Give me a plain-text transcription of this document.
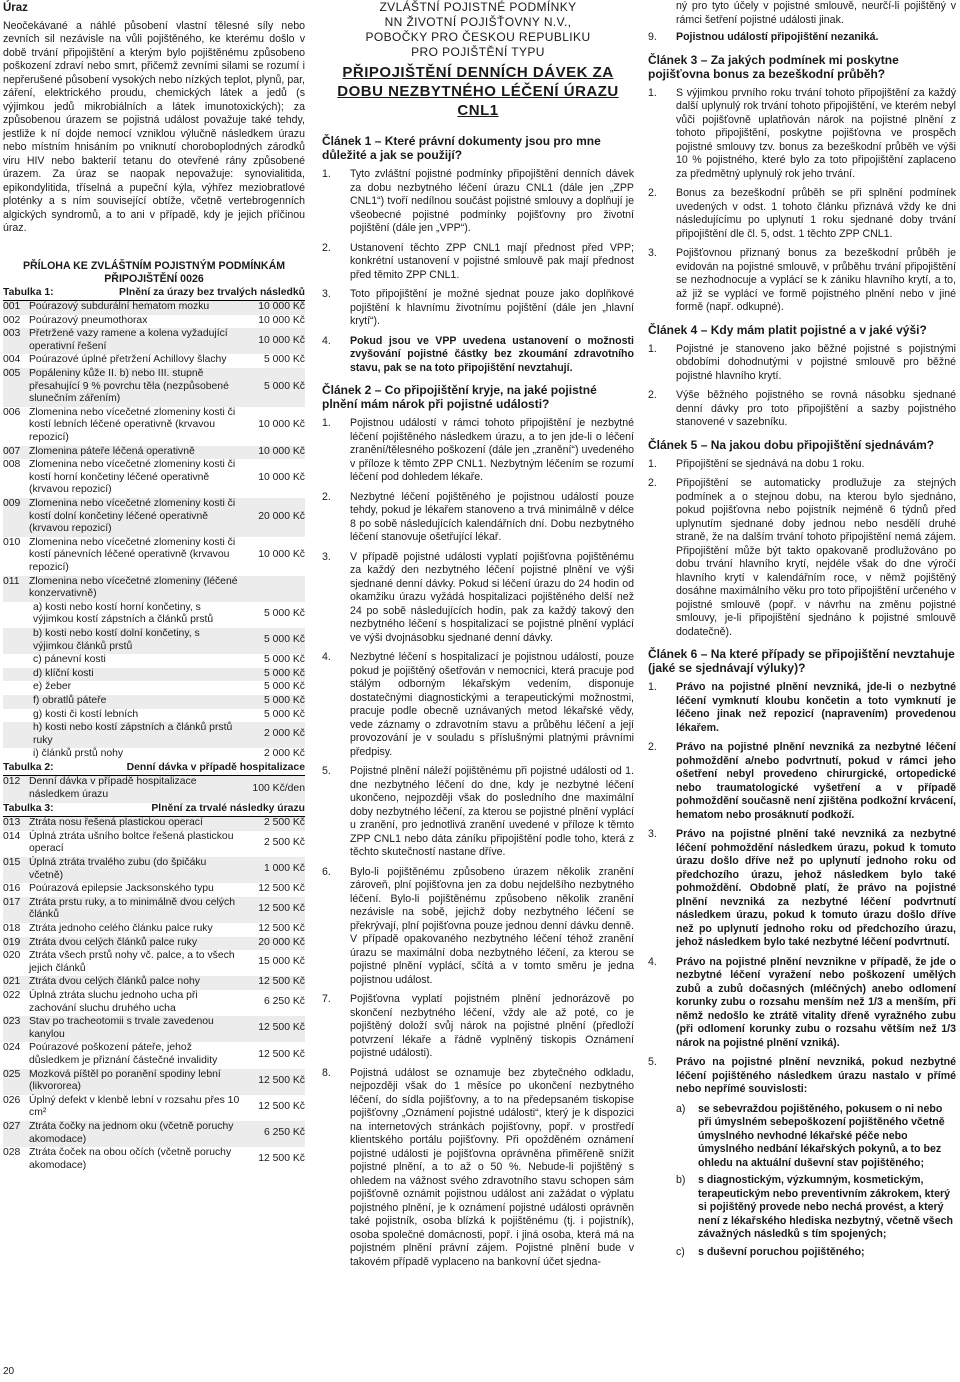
Úraz

Neočekávané a náhlé působení vlastní tělesné síly nebo zevních sil nezávisle na vůli pojištěného, ke kterému došlo v době trvání připojištění a kterým bylo pojištěnému způsobeno poškození zdraví nebo smrt, přičemž zevními silami se rozumí i nepřerušené působení vysokých nebo nízkých teplot, plynů, par, záření, elektrického proudu, chemických látek a jedů (s výjimkou jedů mikrobiálních a látek imunotoxických); za způsobenou úrazem se pojistná událost považuje také tehdy, jestliže k ní dojde nemocí vzniklou výlučně následkem úrazu nebo místním hnisáním po vniknutí choroboplodných zárodků viru HIV nebo bakterií tetanu do otevřené rány způsobené úrazem. Za úraz se naopak nepovažuje: synovialitida, epikondylitida, tříselná a pupeční kýla, výhřez meziobratlové ploténky a s ním související obtíže, včetně vertebrogenních algických syndromů, a to ani v případě, kdy je jejich příčinou úraz.

PŘÍLOHA KE ZVLÁŠTNÍM POJISTNÝM PODMÍNKÁM
PŘIPOJIŠTĚNÍ 0026
Tabulka 1: Plnění za úrazy bez trvalých následků		

001	Poúrazový subdurální hematom mozku	10 000 Kč
002	Poúrazový pneumothorax	10 000 Kč
003	Přetržené vazy ramene a kolena vyžadující operativní řešení	10 000 Kč
004	Poúrazové úplné přetržení Achillovy šlachy	5 000 Kč
005	Popáleniny kůže II. b) nebo III. stupně přesahující 9 % povrchu těla (nezpůsobené slunečním zářením)	5 000 Kč
006	Zlomenina nebo vícečetné zlomeniny kosti či kostí lebních léčené operativně (krvavou repozicí)	10 000 Kč
007	Zlomenina páteře léčená operativně	10 000 Kč
008	Zlomenina nebo vícečetné zlomeniny kosti či kostí horní končetiny léčené operativně (krvavou repozicí)	10 000 Kč
009	Zlomenina nebo vícečetné zlomeniny kosti či kostí dolní končetiny léčené operativně (krvavou repozicí)	20 000 Kč
010	Zlomenina nebo vícečetné zlomeniny kosti či kostí pánevních léčené operativně (krvavou repozicí)	10 000 Kč
011	Zlomenina nebo vícečetné zlomeniny (léčené konzervativně)	
	a) kosti nebo kostí horní končetiny, s výjimkou kostí zápstních a článků prstů	5 000 Kč
	b) kosti nebo kostí dolní končetiny, s výjimkou článků prstů	5 000 Kč
	c) pánevní kosti	5 000 Kč
	d) klíční kosti	5 000 Kč
	e) žeber	5 000 Kč
	f) obratlů páteře	5 000 Kč
	g) kosti či kostí lebních	5 000 Kč
	h) kosti nebo kostí zápstních a článků prstů ruky	2 000 Kč
	i) článků prstů nohy	2 000 Kč
Tabulka 2:	Denní dávka v případě hospitalizace

012	Denní dávka v případě hospitalizace následkem úrazu	100 Kč/den
Tabulka 3: Plnění za trvalé následky úrazu		

013	Ztráta nosu řešená plastickou operací	2 500 Kč
014	Úplná ztráta ušního boltce řešená plastickou operací	2 500 Kč
015	Úplná ztráta trvalého zubu (do špičáku včetně)	1 000 Kč
016	Poúrazová epilepsie Jacksonského typu	12 500 Kč
017	Ztráta prstu ruky, a to minimálně dvou celých článků	12 500 Kč
018	Ztráta jednoho celého článku palce ruky	12 500 Kč
019	Ztráta dvou celých článků palce ruky	20 000 Kč
020	Ztráta všech prstů nohy vč. palce, a to všech jejich článků	15 000 Kč
021	Ztráta dvou celých článků palce nohy	12 500 Kč
022	Úplná ztráta sluchu jednoho ucha při zachování sluchu druhého ucha	6 250 Kč
023	Stav po tracheotomii s trvale zavedenou kanylou	12 500 Kč
024	Poúrazové poškození páteře, jehož důsledkem je přiznání částečné invalidity	12 500 Kč
025	Mozková píštěl po poranění spodiny lební (likvororea)	12 500 Kč
026	Úplný defekt v klenbě lební v rozsahu přes 10 cm²	12 500 Kč
027	Ztráta čočky na jednom oku (včetně poruchy akomodace)	6 250 Kč
028	Ztráta čoček na obou očích (včetně poruchy akomodace)	12 500 Kč
ZVLÁŠTNÍ POJISTNÉ PODMÍNKY
NN ŽIVOTNÍ POJIŠŤOVNY N.V.,
POBOČKY PRO ČESKOU REPUBLIKU
PRO POJIŠTĚNÍ TYPU
PŘIPOJIŠTĚNÍ DENNÍCH DÁVEK ZA DOBU NEZBYTNÉHO LÉČENÍ ÚRAZU CNL1
Článek 1 – Které právní dokumenty jsou pro mne důležité a jak se použijí?
1.	Tyto zvláštní pojistné podmínky připojištění denních dávek za dobu nezbytného léčení úrazu CNL1 (dále jen „ZPP CNL1“) tvoří nedílnou součást pojistné smlouvy a doplňují je všeobecné pojistné podmínky pojišťovny pro životní pojištění (dále jen „VPP“).
2.	Ustanovení těchto ZPP CNL1 mají přednost před VPP; konkrétní ustanovení v pojistné smlouvě pak mají přednost před těmito ZPP CNL1.
3.	Toto připojištění je možné sjednat pouze jako doplňkové pojištění k hlavnímu životnímu pojištění (dále jen „hlavní krytí“).
4.	Pokud jsou ve VPP uvedena ustanovení o možnosti zvyšování pojistné částky bez zkoumání zdravotního stavu, pak se na toto připojištění nevztahují.
Článek 2 – Co připojištění kryje, na jaké pojistné plnění mám nárok při pojistné události?
1.	Pojistnou událostí v rámci tohoto připojištění je nezbytné léčení pojištěného následkem úrazu, a to jen jde-li o léčení zranění/tělesného poškození (dále jen „zranění“) uvedeného v příloze k těmto ZPP CNL1. Nezbytným léčením se rozumí léčení pod dohledem lékaře.
2.	Nezbytné léčení pojištěného je pojistnou událostí pouze tehdy, pokud je lékařem stanoveno a trvá minimálně v délce 8 po sobě následujících kalendářních dní. Dobu nezbytného léčení stanovuje ošetřující lékař.
3.	V případě pojistné události vyplatí pojišťovna pojištěnému za každý den nezbytného léčení pojistné plnění ve výši sjednané denní dávky. Pokud si léčení úrazu do 24 hodin od okamžiku úrazu vyžádá hospitalizaci pojištěného delší než 24 po sobě následujících hodin, pak za každý takový den nezbytného léčení s hospitalizací se pojistné plnění vyplácí ve výši dvojnásobku sjednané denní dávky.
4.	Nezbytné léčení s hospitalizací je pojistnou událostí, pouze pokud je pojištěný ošetřován v nemocnici, která pracuje pod stálým odborným lékařským vedením, disponuje dostatečnými diagnostickými a terapeutickými možnostmi, pracuje podle obecně uznávaných metod lékařské vědy, vede záznamy o zdravotním stavu a průběhu léčení a její provozování je v souladu s příslušnými platnými právními předpisy.
5.	Pojistné plnění náleží pojištěnému při pojistné události od 1. dne nezbytného léčení do dne, kdy je nezbytné léčení ukončeno, nejpozději však do posledního dne maximální doby nezbytného léčení, za kterou se pojistné plnění vyplácí u zranění, pro jednotlivá zranění uvedené v příloze k těmto ZPP CNL1 nebo dáta záníku připojištění podle toho, která z těchto skutečností nastane dříve.
6.	Bylo-li pojištěnému způsobeno úrazem několik zranění zároveň, plní pojišťovna jen za dobu nejdelšího nezbytného léčení. Bylo-li pojištěnému způsobeno několik zranění nezávisle na sobě, jejichž doby nezbytného léčení se překrývají, plní pojišťovna pouze jednou denní dávku denně. V případě opakovaného nezbytného léčení téhož zranění úrazu se maximální doba nezbytného léčení, za kterou se pojistné plnění vyplácí, sčítá a v tomto směru je jedna pojistnou událost.
7.	Pojišťovna vyplatí pojistném plnění jednorázově po skončení nezbytného léčení, vždy ale až poté, co je pojištěný doloží svůj nárok na pojistné plnění (předloží potvrzení lékaře a řádně vyplněný tiskopis Oznámení pojistné události).
8.	Pojistná událost se oznamuje bez zbytečného odkladu, nejpozději však do 1 měsíce po ukončení nezbytného léčení, do sídla pojišťovny, a to na předepsaném tiskopise pojišťovny „Oznámení pojistné události“, který je k dispozici na internetových stránkách pojišťovny, popř. v prostředí klientského portálu pojišťovny. Při opožděném oznámení pojistné události je pojišťovna oprávněna přiměřeně snížit pojistné plnění, a to až o 50 %. Nebude-li pojištěný s ohledem na vážnost svého zdravotního stavu schopen sám pojišťovně oznámit pojistnou událost ani zažádat o výplatu pojistného plnění, je k oznámení pojistné události oprávněn také pojistník, osoba blízká k pojištěnému (tj. i pojistník), osoba společné domácnosti, popř. i jiná osoba, která má na pojistném plnění právní zájem. Pojistné plnění bude v takovém případě vyplaceno na bankovní účet sjedna-

ný pro tyto účely v pojistné smlouvě, neurčí-li pojištěný v rámci šetření pojistné události jinak.

9.	Pojistnou událostí připojištění nezaniká.
Článek 3 – Za jakých podmínek mi poskytne pojišťovna bonus za bezeškodní průběh?
1.	S výjimkou prvního roku trvání tohoto připojištění za každý další uplynulý rok trvání tohoto připojištění, ve kterém nebyl vůči pojišťovně uplatňován nárok na pojistné plnění z tohoto připojištění, poskytne pojišťovna ve prospěch pojistné smlouvy tzv. bonus za bezeškodní průběh ve výši 10 % pojistného, které bylo za toto připojištění zaplaceno za předmětný uplynulý rok jeho trvání.
2.	Bonus za bezeškodní průběh se při splnění podmínek uvedených v odst. 1 tohoto článku přiznává vždy ke dni následujícímu po uplynutí 1 roku sjednané doby trvání připojištění dle čl. 5, odst. 1 těchto ZPP CNL1.
3.	Pojišťovnou přiznaný bonus za bezeškodní průběh je evidován na pojistné smlouvě, v průběhu trvání připojištění se nezhodnocuje a vyplácí se k zániku hlavního krytí, a to, až již se vyplácí ve formě pojistného plnění nebo v jiné formě (např. odkupné).
Článek 4 – Kdy mám platit pojistné a v jaké výši?
1.	Pojistné je stanoveno jako běžné pojistné s pojistnými obdobími dohodnutými v pojistné smlouvě pro běžné pojistné hlavního krytí.
2.	Výše běžného pojistného se rovná násobku sjednané denní dávky pro toto připojištění a sazby pojistného stanovené v sazebníku.
Článek 5 – Na jakou dobu připojištění sjednávám?
1.	Připojištění se sjednává na dobu 1 roku.
2.	Připojištění se automaticky prodlužuje za stejných podmínek a o stejnou dobu, na kterou bylo sjednáno, pokud pojišťovna nebo pojistník nejméně 6 týdnů před uplynutím sjednané doby jednou nebo nesdělí druhé straně, že na dalším trvání tohoto připojištění nemá zájem. Připojištění může být takto opakovaně prodlužováno po dobu trvání hlavního krytí, nejdéle však do dne výročí hlavního krytí v kalendářním roce, v němž pojištěný dosáhne maximálního věku pro toto připojištění určeného v pojistné smlouvě (popř. v návrhu na změnu pojistné smlouvy, je-li připojištění sjednáno k pojistné smlouvě dodatečně).
Článek 6 – Na které případy se připojištění nevztahuje (jaké se sjednávají výluky)?
1.	Právo na pojistné plnění nevzniká, jde-li o nezbytné léčení vymknutí kloubu končetin a toto vymknutí je léčeno jinak než repozicí (napravením) provedenou lékařem.
2.	Právo na pojistné plnění nevzniká za nezbytné léčení pohmoždění a/nebo podvrtnutí, pokud v rámci jeho ošetření nebyl provedeno chirurgické, ortopedické nebo traumatologické vyšetření a v případě pohmoždění současně není zjištěna podkožní krvácení, hematom nebo prosáknutí podkoží.
3.	Právo na pojistné plnění také nevzniká za nezbytné léčení pohmoždění následkem úrazu, pokud k tomuto úrazu došlo dříve než po uplynutí jednoho roku od předchozího úrazu, jehož následkem bylo také pohmoždění. Obdobně platí, že právo na pojistné plnění nevzniká za nezbytné léčení podvrtnutí následkem úrazu, pokud k tomuto úrazu došlo dříve než po uplynutí jednoho roku od předchozího úrazu, jehož následkem bylo také nezbytné léčení podvrtnutí.
4.	Právo na pojistné plnění nevznikne v případě, že jde o nezbytné léčení vyražení nebo poškození umělých zubů a zubů dočasných (mléčných) anebo odlomení korunky zubu o rozsahu menším než 1/3 a menším, při němž nedošlo ke ztrátě vitality dřeně vyražného zubu (při odlomení korunky zubu o rozsahu větším než 1/3 nárok na pojistné plnění vzniká).
5.	Právo na pojistné plnění nevzniká, pokud nezbytné léčení pojištěného následkem úrazu nastalo v přímé nebo nepřímé souvislosti:
a)	se sebevraždou pojištěného, pokusem o ni nebo při úmyslném sebepoškození pojištěného včetně úmyslného nevhodné lékařské péče nebo úmyslného nedbání lékařských pokynů, a to bez ohledu na aktuální duševní stav pojištěného;
b)	s diagnostickým, výzkumným, kosmetickým, terapeutickým nebo preventivním zákrokem, který si pojištěný provede nebo nechá provést, a který není z lékařského hlediska nezbytný, včetně všech závažných následků s tím spojených;
c)	s duševní poruchou pojištěného;
20
